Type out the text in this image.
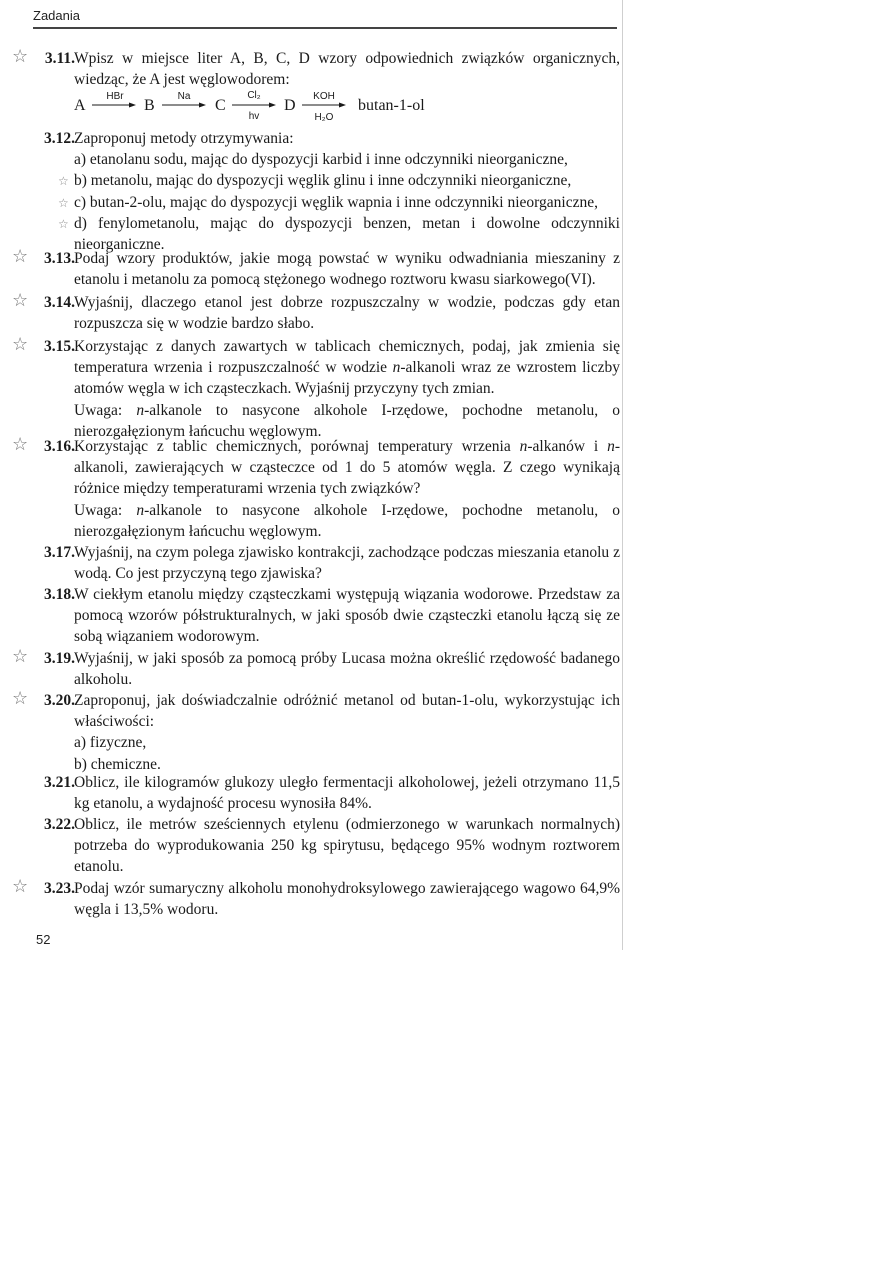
Zadania
☆	3.11. Wpisz w miejsce liter A, B, C, D wzory odpowiednich związków organicznych, wiedząc, że A jest węglowodorem:

A	B	C	D	butan-1-ol
HBr	Na	Cl₂
hv
KOH
H₂O
3.12. Zaproponuj metody otrzymywania:

a) etanolanu sodu, mając do dyspozycji karbid i inne odczynniki nieorganiczne,
☆ b) metanolu, mając do dyspozycji węglik glinu i inne odczynniki nieorganiczne,
☆ c) butan-2-olu, mając do dyspozycji węglik wapnia i inne odczynniki nieorganiczne,
☆ d) fenylometanolu, mając do dyspozycji benzen, metan i dowolne odczynniki nieorganiczne.
☆	3.13. Podaj wzory produktów, jakie mogą powstać w wyniku odwadniania mieszaniny z etanolu i metanolu za pomocą stężonego wodnego roztworu kwasu siarkowego(VI).

☆	3.14. Wyjaśnij, dlaczego etanol jest dobrze rozpuszczalny w wodzie, podczas gdy etan rozpuszcza się w wodzie bardzo słabo.

☆	3.15. Korzystając z danych zawartych w tablicach chemicznych, podaj, jak zmienia się temperatura wrzenia i rozpuszczalność w wodzie n-alkanoli wraz ze wzrostem liczby atomów węgla w ich cząsteczkach. Wyjaśnij przyczyny tych zmian.

Uwaga: n-alkanole to nasycone alkohole I-rzędowe, pochodne metanolu, o nierozgałęzionym łańcuchu węglowym.

☆	3.16. Korzystając z tablic chemicznych, porównaj temperatury wrzenia n-alkanów i n-alkanoli, zawierających w cząsteczce od 1 do 5 atomów węgla. Z czego wynikają różnice między temperaturami wrzenia tych związków?

Uwaga: n-alkanole to nasycone alkohole I-rzędowe, pochodne metanolu, o nierozgałęzionym łańcuchu węglowym.

3.17. Wyjaśnij, na czym polega zjawisko kontrakcji, zachodzące podczas mieszania etanolu z wodą. Co jest przyczyną tego zjawiska?

3.18. W ciekłym etanolu między cząsteczkami występują wiązania wodorowe. Przedstaw za pomocą wzorów półstrukturalnych, w jaki sposób dwie cząsteczki etanolu łączą się ze sobą wiązaniem wodorowym.

☆	3.19. Wyjaśnij, w jaki sposób za pomocą próby Lucasa można określić rzędowość badanego alkoholu.

☆	3.20. Zaproponuj, jak doświadczalnie odróżnić metanol od butan-1-olu, wykorzystując ich właściwości:

a) fizyczne,
b) chemiczne.
3.21. Oblicz, ile kilogramów glukozy uległo fermentacji alkoholowej, jeżeli otrzymano 11,5 kg etanolu, a wydajność procesu wynosiła 84%.

3.22. Oblicz, ile metrów sześciennych etylenu (odmierzonego w warunkach normalnych) potrzeba do wyprodukowania 250 kg spirytusu, będącego 95% wodnym roztworem etanolu.

☆	3.23. Podaj wzór sumaryczny alkoholu monohydroksylowego zawierającego wagowo 64,9% węgla i 13,5% wodoru.

52
